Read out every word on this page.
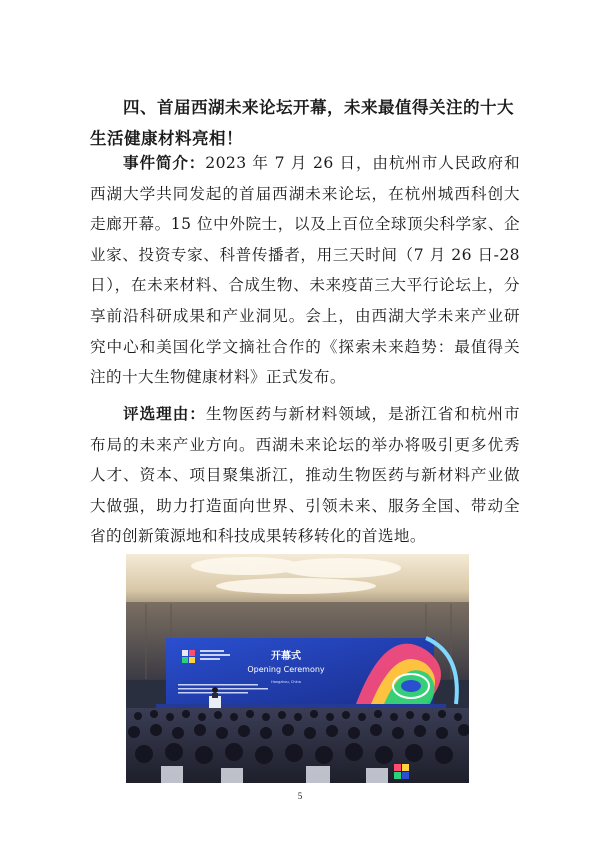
四、首届西湖未来论坛开幕，未来最值得关注的十大生活健康材料亮相！
事件简介：2023 年 7 月 26 日，由杭州市人民政府和西湖大学共同发起的首届西湖未来论坛，在杭州城西科创大走廊开幕。15 位中外院士，以及上百位全球顶尖科学家、企业家、投资专家、科普传播者，用三天时间（7 月 26 日-28 日），在未来材料、合成生物、未来疫苗三大平行论坛上，分享前沿科研成果和产业洞见。会上，由西湖大学未来产业研究中心和美国化学文摘社合作的《探索未来趋势：最值得关注的十大生物健康材料》正式发布。
评选理由：生物医药与新材料领域，是浙江省和杭州市布局的未来产业方向。西湖未来论坛的举办将吸引更多优秀人才、资本、项目聚集浙江，推动生物医药与新材料产业做大做强，助力打造面向世界、引领未来、服务全国、带动全省的创新策源地和科技成果转移转化的首选地。
开幕式
Opening Ceremony
Hangzhou, China
5
